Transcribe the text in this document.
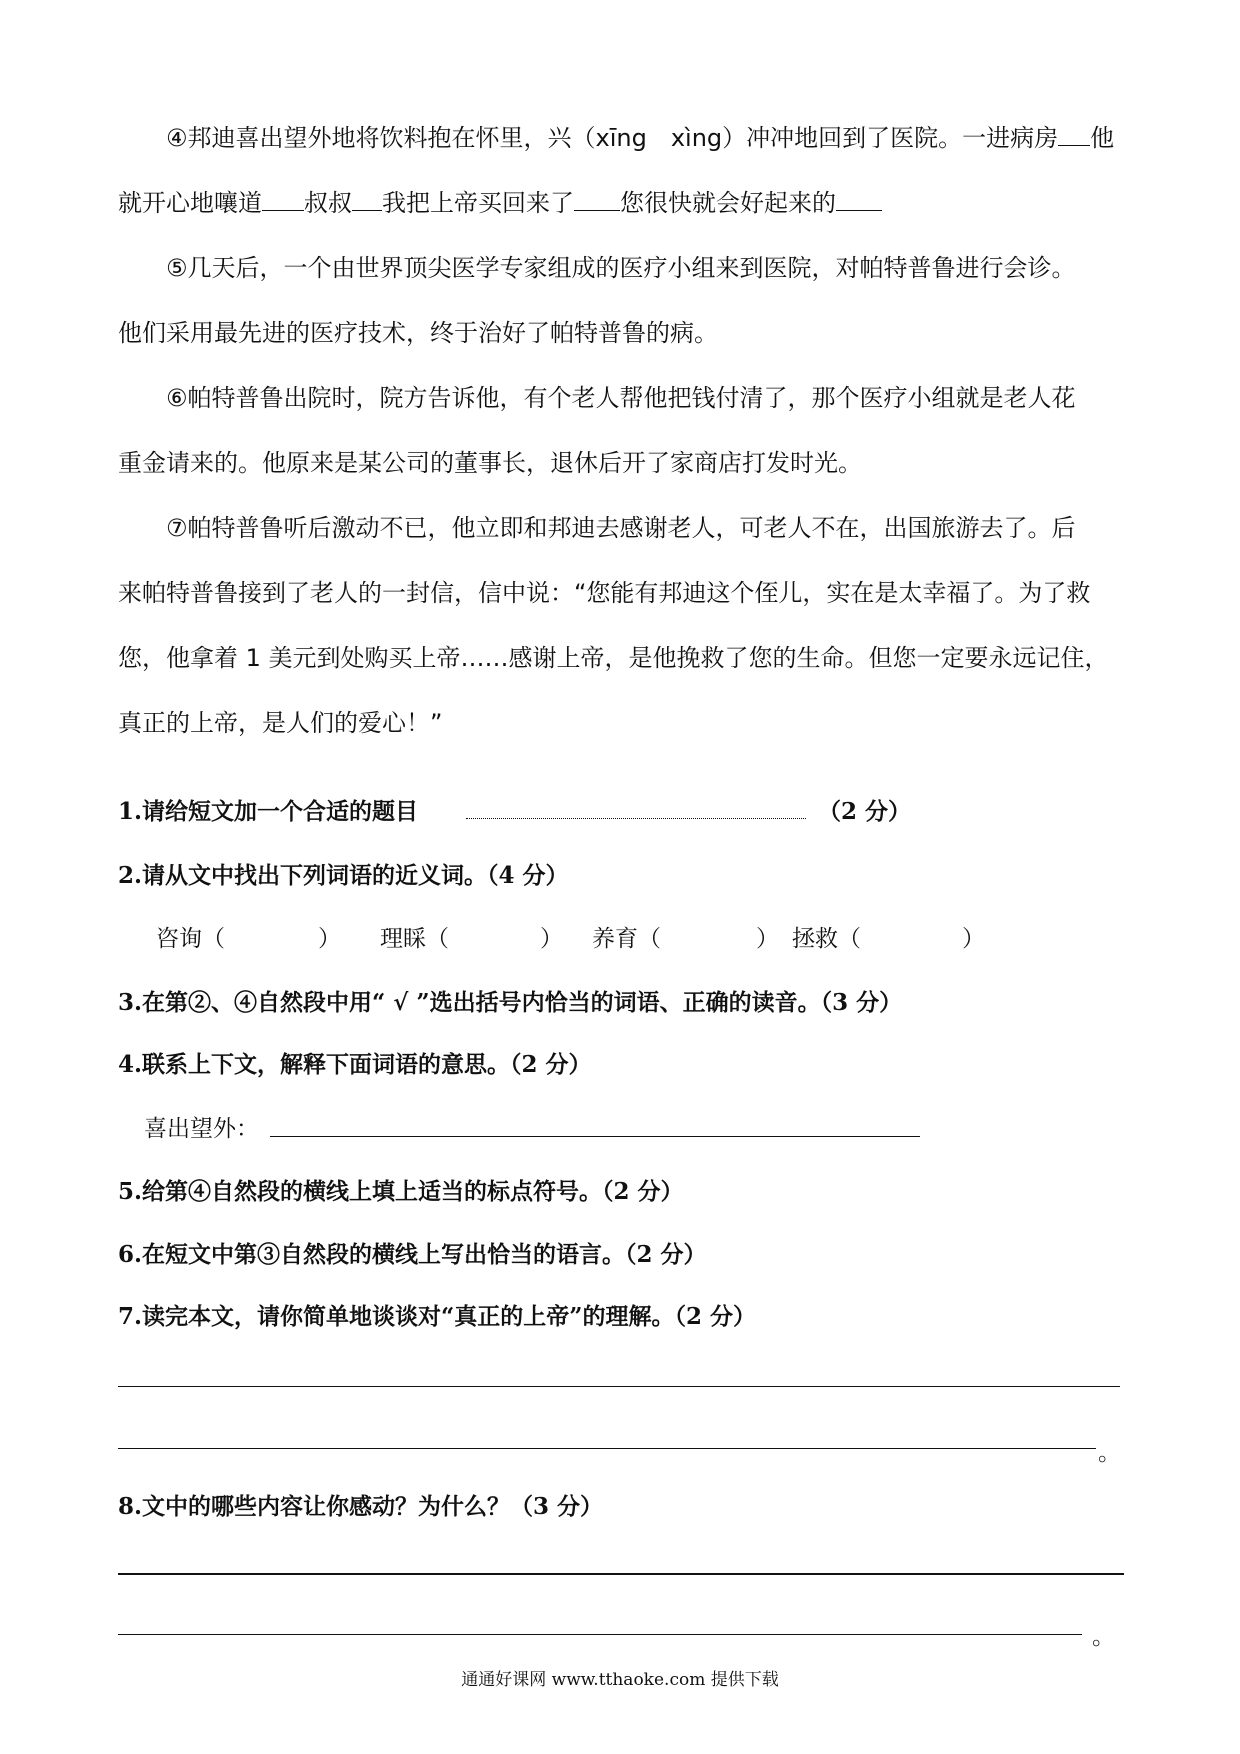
④邦迪喜出望外地将饮料抱在怀里，兴（xīng　xìng）冲冲地回到了医院。一进病房 他
就开心地嚷道 叔叔 我把上帝买回来了 您很快就会好起来的
⑤几天后，一个由世界顶尖医学专家组成的医疗小组来到医院，对帕特普鲁进行会诊。
他们采用最先进的医疗技术，终于治好了帕特普鲁的病。
⑥帕特普鲁出院时，院方告诉他，有个老人帮他把钱付清了，那个医疗小组就是老人花
重金请来的。他原来是某公司的董事长，退休后开了家商店打发时光。
⑦帕特普鲁听后激动不已，他立即和邦迪去感谢老人，可老人不在，出国旅游去了。后
来帕特普鲁接到了老人的一封信，信中说：“您能有邦迪这个侄儿，实在是太幸福了。为了救
您，他拿着 1 美元到处购买上帝……感谢上帝，是他挽救了您的生命。但您一定要永远记住，
真正的上帝，是人们的爱心！”
1.请给短文加一个合适的题目	（2 分）
2.请从文中找出下列词语的近义词。（4 分）
咨询（	） 理睬（	） 养育（	） 拯救（	）
3.在第②、④自然段中用“ √ ”选出括号内恰当的词语、正确的读音。（3 分）
4.联系上下文，解释下面词语的意思。（2 分）
喜出望外：
5.给第④自然段的横线上填上适当的标点符号。（2 分）
6.在短文中第③自然段的横线上写出恰当的语言。（2 分）
7.读完本文，请你简单地谈谈对“真正的上帝”的理解。（2 分）
。
8.文中的哪些内容让你感动？为什么？（3 分）
。
通通好课网 www.tthaoke.com 提供下载
